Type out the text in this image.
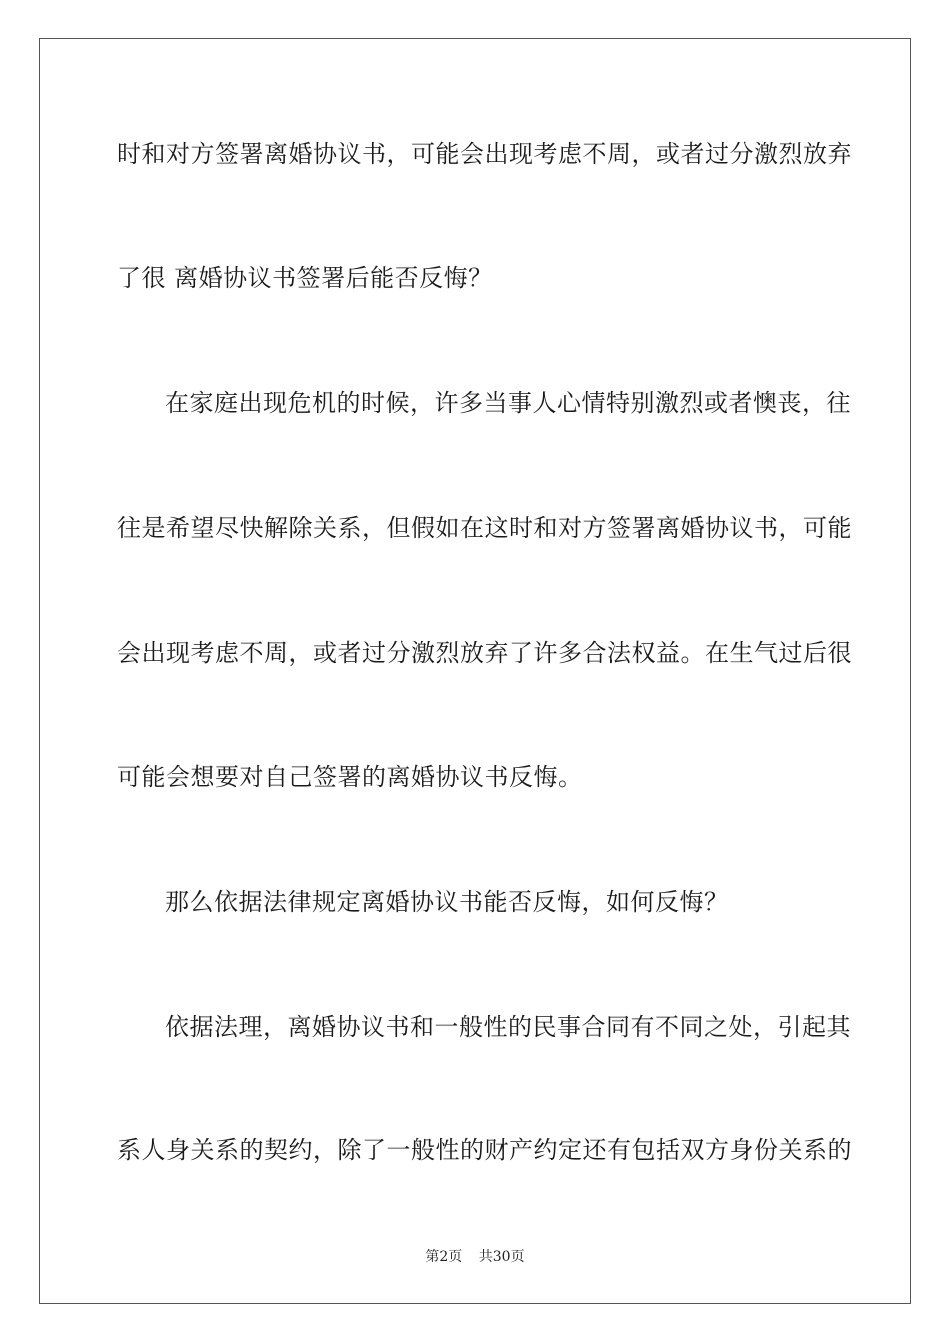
时和对方签署离婚协议书，可能会出现考虑不周，或者过分激烈放弃
了很 离婚协议书签署后能否反悔？
在家庭出现危机的时候，许多当事人心情特别激烈或者懊丧，往
往是希望尽快解除关系，但假如在这时和对方签署离婚协议书，可能
会出现考虑不周，或者过分激烈放弃了许多合法权益。在生气过后很
可能会想要对自己签署的离婚协议书反悔。
那么依据法律规定离婚协议书能否反悔，如何反悔？
依据法理，离婚协议书和一般性的民事合同有不同之处，引起其
系人身关系的契约，除了一般性的财产约定还有包括双方身份关系的
第2页 共30页
